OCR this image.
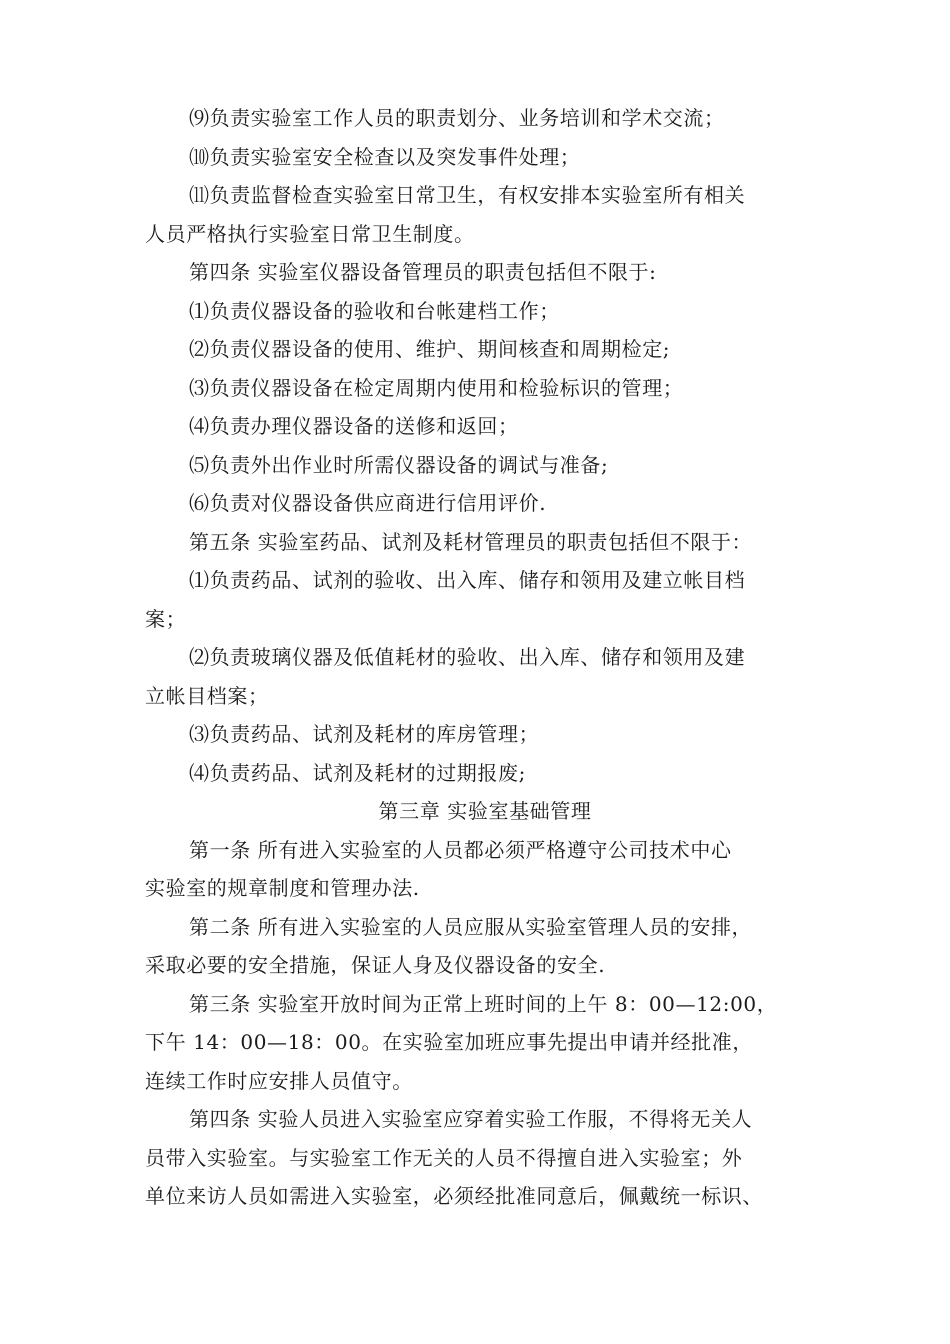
⑼负责实验室工作人员的职责划分、业务培训和学术交流；
⑽负责实验室安全检查以及突发事件处理；
⑾负责监督检查实验室日常卫生，有权安排本实验室所有相关
人员严格执行实验室日常卫生制度。
第四条 实验室仪器设备管理员的职责包括但不限于:
⑴负责仪器设备的验收和台帐建档工作；
⑵负责仪器设备的使用、维护、期间核查和周期检定;
⑶负责仪器设备在检定周期内使用和检验标识的管理；
⑷负责办理仪器设备的送修和返回；
⑸负责外出作业时所需仪器设备的调试与准备;
⑹负责对仪器设备供应商进行信用评价.
第五条 实验室药品、试剂及耗材管理员的职责包括但不限于：
⑴负责药品、试剂的验收、出入库、储存和领用及建立帐目档
案；
⑵负责玻璃仪器及低值耗材的验收、出入库、储存和领用及建
立帐目档案；
⑶负责药品、试剂及耗材的库房管理；
⑷负责药品、试剂及耗材的过期报废;
第三章 实验室基础管理
第一条 所有进入实验室的人员都必须严格遵守公司技术中心
实验室的规章制度和管理办法.
第二条 所有进入实验室的人员应服从实验室管理人员的安排，
采取必要的安全措施，保证人身及仪器设备的安全.
第三条 实验室开放时间为正常上班时间的上午 8：00—12:00，
下午 14：00—18：00。在实验室加班应事先提出申请并经批准，
连续工作时应安排人员值守。
第四条 实验人员进入实验室应穿着实验工作服，不得将无关人
员带入实验室。与实验室工作无关的人员不得擅自进入实验室；外
单位来访人员如需进入实验室，必须经批准同意后，佩戴统一标识、
